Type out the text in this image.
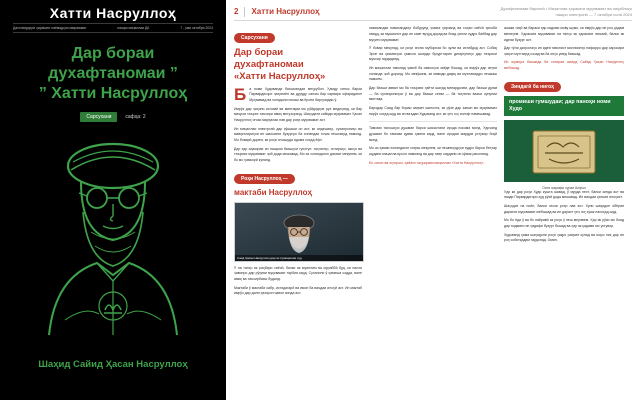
Хатти Насруллоҳ
Дастовардҳои ҳаракати паёмадҳои мақовамат	нашри маҷаллаи ДК	7 - уми октябри 2024
Дар бораи
духафтаномаи ”
” Хатти Насруллоҳ
Сарсухани	сафҳа: 2
Шаҳид Сайид Ҳасан Насруллоҳ
2 Хатти Насруллоҳ	Духафтаномаи бархонӣ • Маҷаллаи ҳаракати муқовамат ва ниқоблиҳо
нашри электронӣ — 7 октябри соли 2024
Сарсухани
Дар бораи
духафтаномаи
«Хатти Насруллоҳ»

Б а номи Худованди бахшояндаи меҳрубон. Ҳамду сипос барои Парвардигори ҷаҳониён ва дуруду салом бар сарвари офаридагон Муҳаммад ва хонадони покаш ва ёрони баргузидаи ӯ.

Имрӯз дар ҷаҳони исломӣ ва минтақаи мо рӯйдодҳое рух медиҳанд, ки бар маҷрои таърих таъсири амиқ мегузоранд. Шаҳодати сайиди муқовамат Ҳасан Насруллоҳ оғози марҳалаи нав дар роҳи муқовамат аст.

Ин маҷаллаи электронӣ дар кӯшиши он аст, ки андешаҳо, суханрониҳо ва мавқеъгириҳои ин шахсияти бузургро ба хонандаи тоҷик пешниҳод намояд. Мо боварӣ дорем, ки роҳи оғозшуда идома хоҳад ёфт.

Дар ҳар шумораи ин нашрия бахшҳои гуногун: таҳлилҳо, хотираҳо, аксҳо ва таърихи муқовамат ҷой дода мешавад. Мо аз хонандагон даъват мекунем, ки бо мо ҳамкорӣ кунанд.

Роҳи Насруллоҳ —
мактаби Насруллоҳ
Саид Ҳасан Насруллоҳ дар як суханронии худ

Ӯ на танҳо як раҳбари сиёсӣ, балки як муаллим ва мураббӣ буд, ки насли ҷавонро дар рӯҳияи муқовамат тарбия кард. Суханони ӯ ҳамеша содда, вале амиқ ва таъсирбахш буданд.

Мактаби ӯ мактаби сабр, истодагарӣ ва имон ба ваъдаи илоҳӣ аст. Ин мактаб имрӯз дар дили ҳазорон ҷавон зинда аст.

нависандаи нависандаҳо бобурунд ҷомеа ҳарчанд ва соҳаи сиёсӣ ҳисоби овард, ки мушкилот дар ин самт вуҷуд дорад ва бояд ҳалли худро биёбад дар муҳити муқовамат.

Ӯ бовар мекунад, ки роҳи ягона мубориза бо зулм ва истибдод аст. Собиқ Эрон ва қисматҳои ҳамсоя шоҳиди бузургтарин дигаргуниҳо дар таърихи муосир гардиданд.

Ин маҷаллаи тавонад ҷавоб ба саволҳои зиёде бошад, ки имрӯз дар зеҳни хонанда ҷой доранд. Мо мекӯшем, ки маводи дақиқ ва муътамадро пешкаш намоем.

Дар бахши аввал мо ба таърихи ҳаёти шаҳид мепардозем, дар бахши дуюм — ба суханрониҳои ӯ ва дар бахши сеюм — ба таҳлили вазъи кунунии минтақа.

Бародар Саид бар бораи заҳмат шинохта, ки рӯзе дар замон мо муқовамат пирӯз хоҳад шуд ва ин ваъдаи Худованд аст, ки ҳеҷ гоҳ хилоф намешавад.

Тамоми талошҳои душман барои шикастани ирода нокома монд. Ҳарчанд душман бо тамоми қувва ҳамла кард, вале иродаи мардум устувор боқӣ монд.

Мо аз ҳамаи хонандагон хоҳиш мекунем, ки пешниҳодҳои худро барои беҳтар шудани маҷалла ирсол намоянд ва дар паҳн кардани он кӯмак расонанд.

Бо сипос ва эҳтиром, ҳайати таҳририяи маҷаллаи «Хатти Насруллоҳ».

ашаки тиҳӣ ва бараки ҳар кадоми мову шумо, ки имрӯз дар ин роҳ қадам мениҳем. Ҳаракати муқовамат на танҳо як ҳаракати низомӣ, балки як идеяи бузург аст.

Дар тӯли даҳсолаҳо ин идея тавонист миллионҳо нафарро дар саросари ҷаҳон муттаҳид созад ва ба онҳо умед бахшад.

Ин шумора бахшида ба хотираи шаҳид Сайид Ҳасан Насруллоҳ мебошад.

Зиндагӣ ба нигоҳ
промиши гумшудаи; дар паноҳи номи Худо
Ояти шарифи сураи Анфол

Ҳар ки дар роҳи Худо кушта шавад, ӯ мурда нест, балки зинда аст ва назди Парвардигори худ рӯзӣ дода мешавад. Ин ваъдаи қатъии илоҳист.

Шаҳодат на поён, балки оғози роҳи нав аст. Хуни шаҳидон обёрии дарахти муқовамат мебошад ва ин дарахт ҳеҷ гоҳ хушк нахоҳад шуд.

Мо бо ёди ӯ ва бо пайравӣ аз роҳи ӯ пеш меравем. Ҳар як рӯзи мо бояд дар хидмати ин ҳадафи бузург бошад ва ҳар як қадами мо устувор.

Худованд ҳама шаҳидони роҳи ҳақро раҳмат кунад ва моро низ дар ин роҳ собитқадам гардонад. Омин.
